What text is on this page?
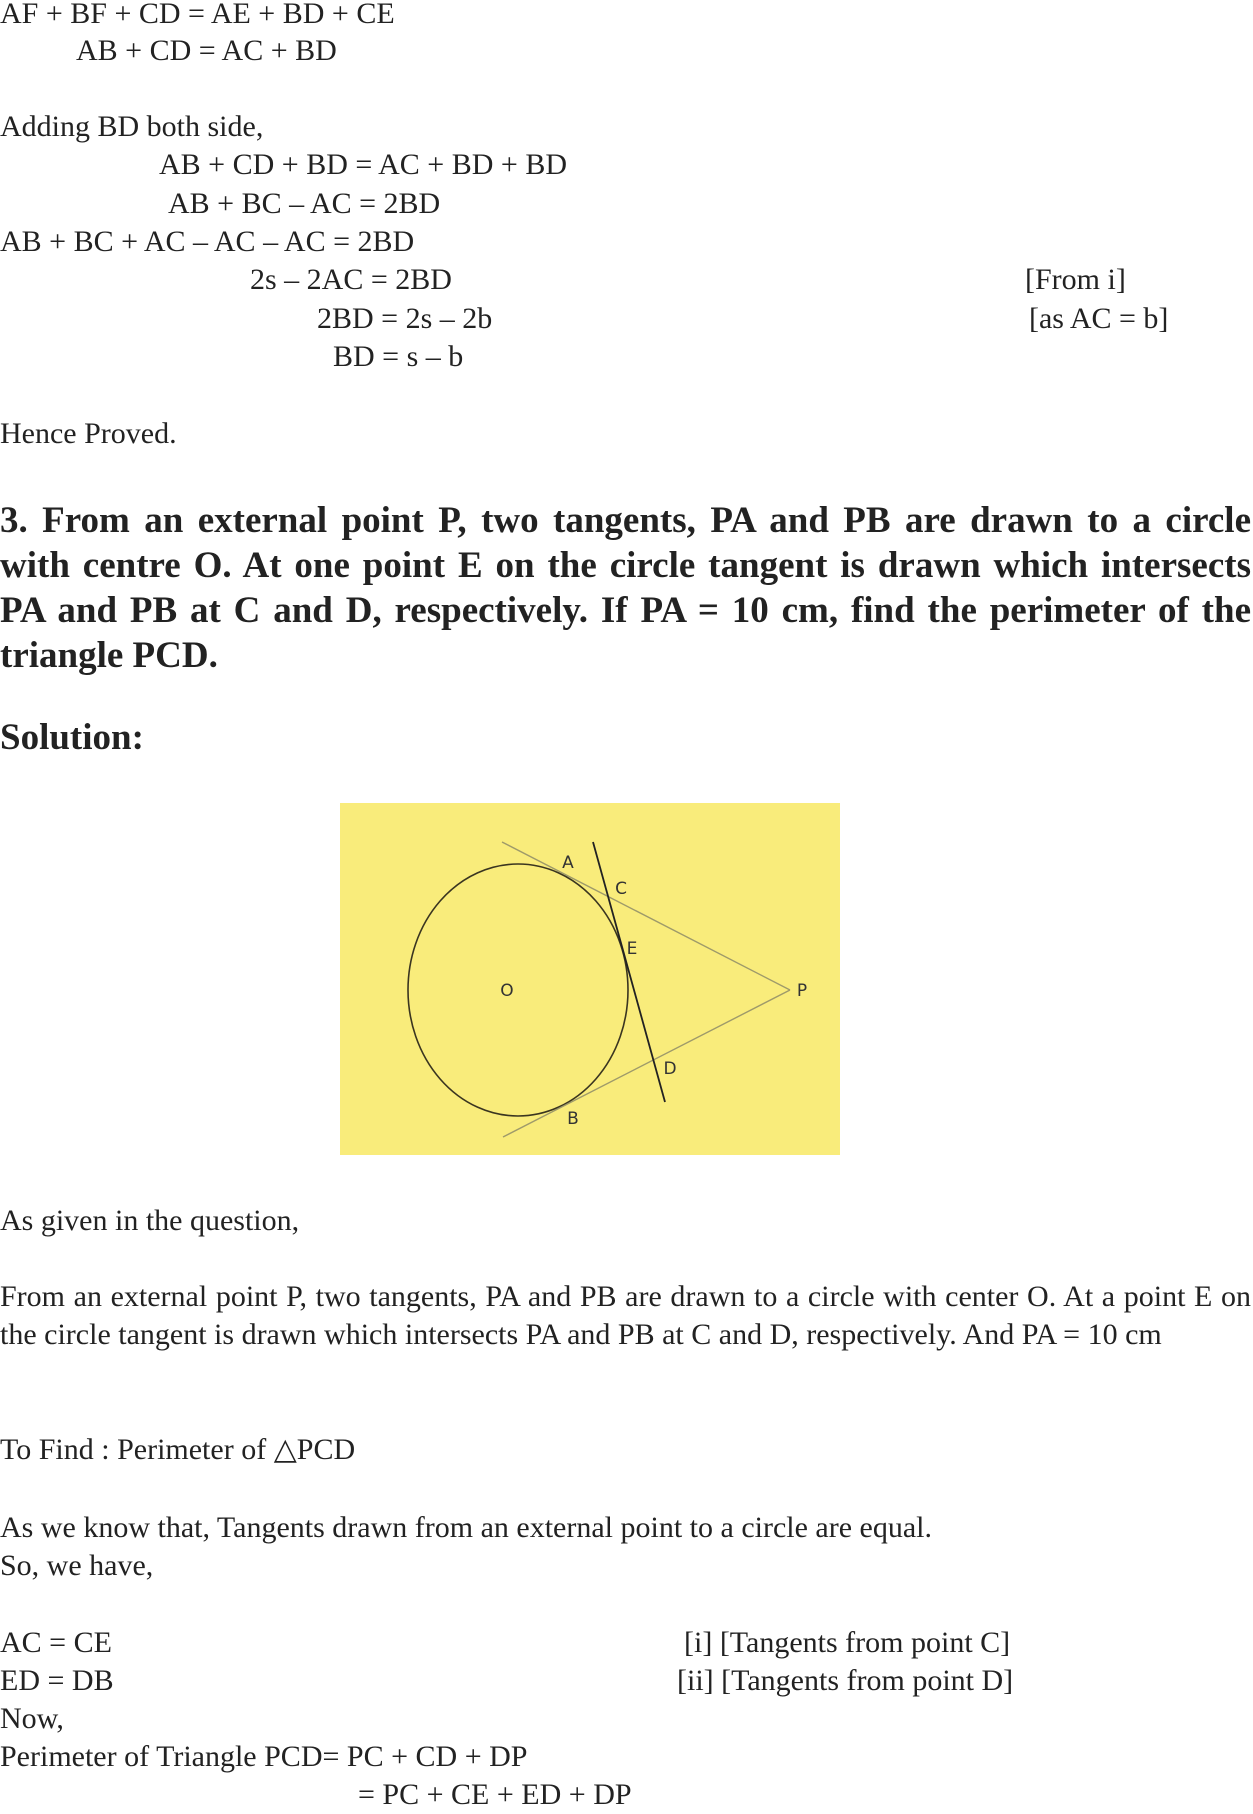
AF + BF + CD = AE + BD + CE
AB + CD = AC + BD
Adding BD both side,
AB + CD + BD = AC + BD + BD
AB + BC – AC = 2BD
AB + BC + AC – AC – AC = 2BD
2s – 2AC = 2BD	[From i]
2BD = 2s – 2b	[as AC = b]
BD = s – b
Hence Proved.
3. From an external point P, two tangents, PA and PB are drawn to a circle with centre O. At one point E on the circle tangent is drawn which intersects PA and PB at C and D, respectively. If PA = 10 cm, find the perimeter of the triangle PCD.
Solution:
A
C
E
O	P
D
B
As given in the question,
From an external point P, two tangents, PA and PB are drawn to a circle with center O. At a point E on the circle tangent is drawn which intersects PA and PB at C and D, respectively. And PA = 10 cm
To Find : Perimeter of △PCD
As we know that, Tangents drawn from an external point to a circle are equal.
So, we have,
AC = CE	[i] [Tangents from point C]
ED = DB	[ii] [Tangents from point D]
Now,
Perimeter of Triangle PCD= PC + CD + DP
= PC + CE + ED + DP
